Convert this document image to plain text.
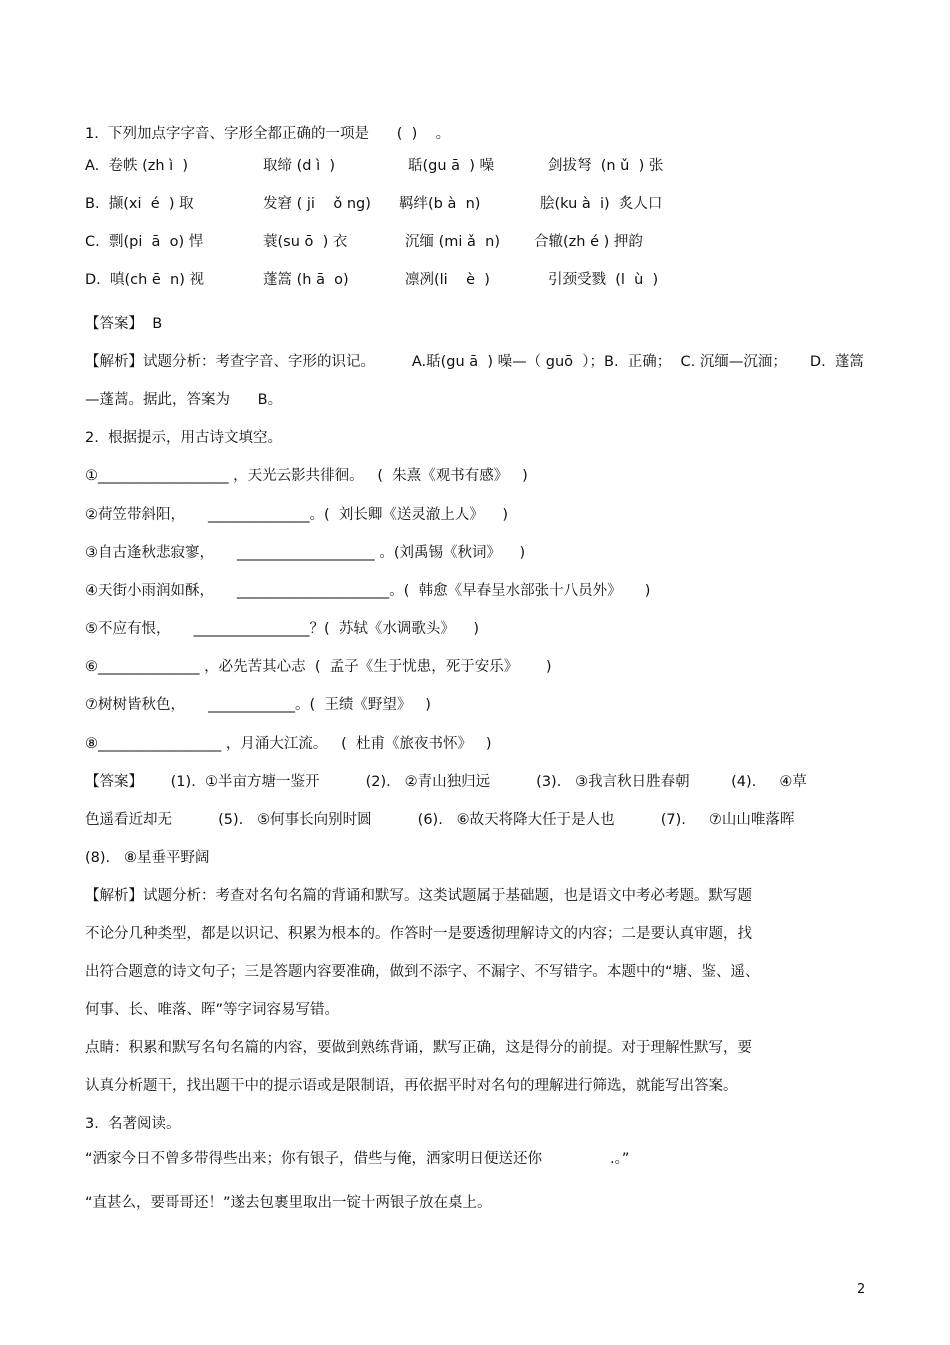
1.  下列加点字字音、字形全都正确的一项是      (  )    。
A.  卷帙 (zh ì  )	取缔 (d ì  )	聒(gu ā  ) 噪	剑拔弩  (n ǔ  ) 张
B.  撷(xi  é  ) 取	发窘 ( ji    ǒ ng) 羁绊(b à  n)	脍(ku à  i)  炙人口
C.  剽(pi  ā  o) 悍	蓑(su ō  ) 衣	沉缅 (mi ǎ  n) 合辙(zh é ) 押韵
D.  嗔(ch ē  n) 视	蓬篙 (h ā  o)	凛冽(li    è  )	引颈受戮  (l  ù  )
【答案】  B
【解析】试题分析：考查字音、字形的识记。        A.聒(gu ā  ) 噪—（ guō  ）；B.  正确；  C. 沉缅—沉湎；     D.  蓬篙
—蓬蒿。据此，答案为      B。
2.  根据提示，用古诗文填空。
①__________________ ，天光云影共徘徊。   (  朱熹《观书有感》   )
②荷笠带斜阳，     ______________。(  刘长卿《送灵澈上人》    )
③自古逢秋悲寂寥，     ___________________ 。(刘禹锡《秋词》    )
④天街小雨润如酥，     _____________________。(  韩愈《早春呈水部张十八员外》     )
⑤不应有恨，     ________________？(  苏轼《水调歌头》    )
⑥______________ ，必先苦其心志  (  孟子《生于忧患，死于安乐》      )
⑦树树皆秋色，     ____________。(  王绩《野望》   )
⑧_________________ ，月涌大江流。   (  杜甫《旅夜书怀》   )
【答案】      (1).  ①半亩方塘一鉴开          (2).   ②青山独归远          (3).   ③我言秋日胜春朝         (4).     ④草
色遥看近却无          (5).   ⑤何事长向别时圆          (6).   ⑥故天将降大任于是人也          (7).     ⑦山山唯落晖
(8).   ⑧星垂平野阔
【解析】试题分析：考查对名句名篇的背诵和默写。这类试题属于基础题，也是语文中考必考题。默写题
不论分几种类型，都是以识记、积累为根本的。作答时一是要透彻理解诗文的内容；二是要认真审题，找
出符合题意的诗文句子；三是答题内容要准确，做到不添字、不漏字、不写错字。本题中的“塘、鉴、遥、
何事、长、唯落、晖”等字词容易写错。
点睛：积累和默写名句名篇的内容，要做到熟练背诵，默写正确，这是得分的前提。对于理解性默写，要
认真分析题干，找出题干中的提示语或是限制语，再依据平时对名句的理解进行筛选，就能写出答案。
3.  名著阅读。
“洒家今日不曾多带得些出来；你有银子，借些与俺，洒家明日便送还你	.。”
“直甚么，要哥哥还！”遂去包裹里取出一锭十两银子放在桌上。
2
